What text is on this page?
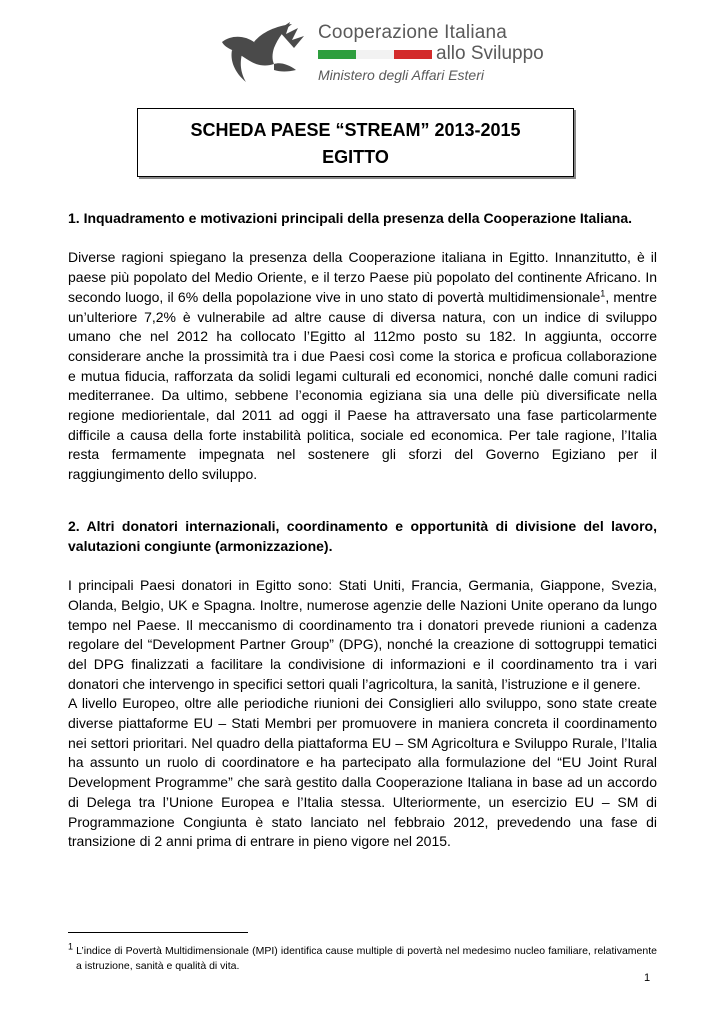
Cooperazione Italiana
allo Sviluppo
Ministero degli Affari Esteri
SCHEDA PAESE “STREAM” 2013-2015
EGITTO
1. Inquadramento e motivazioni principali della presenza della Cooperazione Italiana.

Diverse ragioni spiegano la presenza della Cooperazione italiana in Egitto. Innanzitutto, è il paese più popolato del Medio Oriente, e il terzo Paese più popolato del continente Africano. In secondo luogo, il 6% della popolazione vive in uno stato di povertà multidimensionale$^1$, mentre un’ulteriore 7,2% è vulnerabile ad altre cause di diversa natura, con un indice di sviluppo umano che nel 2012 ha collocato l’Egitto al 112mo posto su 182. In aggiunta, occorre considerare anche la prossimità tra i due Paesi così come la storica e proficua collaborazione e mutua fiducia, rafforzata da solidi legami culturali ed economici, nonché dalle comuni radici mediterranee. Da ultimo, sebbene l’economia egiziana sia una delle più diversificate nella regione mediorientale, dal 2011 ad oggi il Paese ha attraversato una fase particolarmente difficile a causa della forte instabilità politica, sociale ed economica. Per tale ragione, l’Italia resta fermamente impegnata nel sostenere gli sforzi del Governo Egiziano per il raggiungimento dello sviluppo.

2. Altri donatori internazionali, coordinamento e opportunità di divisione del lavoro, valutazioni congiunte (armonizzazione).

I principali Paesi donatori in Egitto sono: Stati Uniti, Francia, Germania, Giappone, Svezia, Olanda, Belgio, UK e Spagna. Inoltre, numerose agenzie delle Nazioni Unite operano da lungo tempo nel Paese. Il meccanismo di coordinamento tra i donatori prevede riunioni a cadenza regolare del “Development Partner Group” (DPG), nonché la creazione di sottogruppi tematici del DPG finalizzati a facilitare la condivisione di informazioni e il coordinamento tra i vari donatori che intervengo in specifici settori quali l’agricoltura, la sanità, l’istruzione e il genere.

A livello Europeo, oltre alle periodiche riunioni dei Consiglieri allo sviluppo, sono state create diverse piattaforme EU – Stati Membri per promuovere in maniera concreta il coordinamento nei settori prioritari. Nel quadro della piattaforma EU – SM Agricoltura e Sviluppo Rurale, l’Italia ha assunto un ruolo di coordinatore e ha partecipato alla formulazione del “EU Joint Rural Development Programme” che sarà gestito dalla Cooperazione Italiana in base ad un accordo di Delega tra l’Unione Europea e l’Italia stessa. Ulteriormente, un esercizio EU – SM di Programmazione Congiunta è stato lanciato nel febbraio 2012, prevedendo una fase di transizione di 2 anni prima di entrare in pieno vigore nel 2015.

$^1$ L’indice di Povertà Multidimensionale (MPI) identifica cause multiple di povertà nel medesimo nucleo familiare, relativamente a istruzione, sanità e qualità di vita.
1
